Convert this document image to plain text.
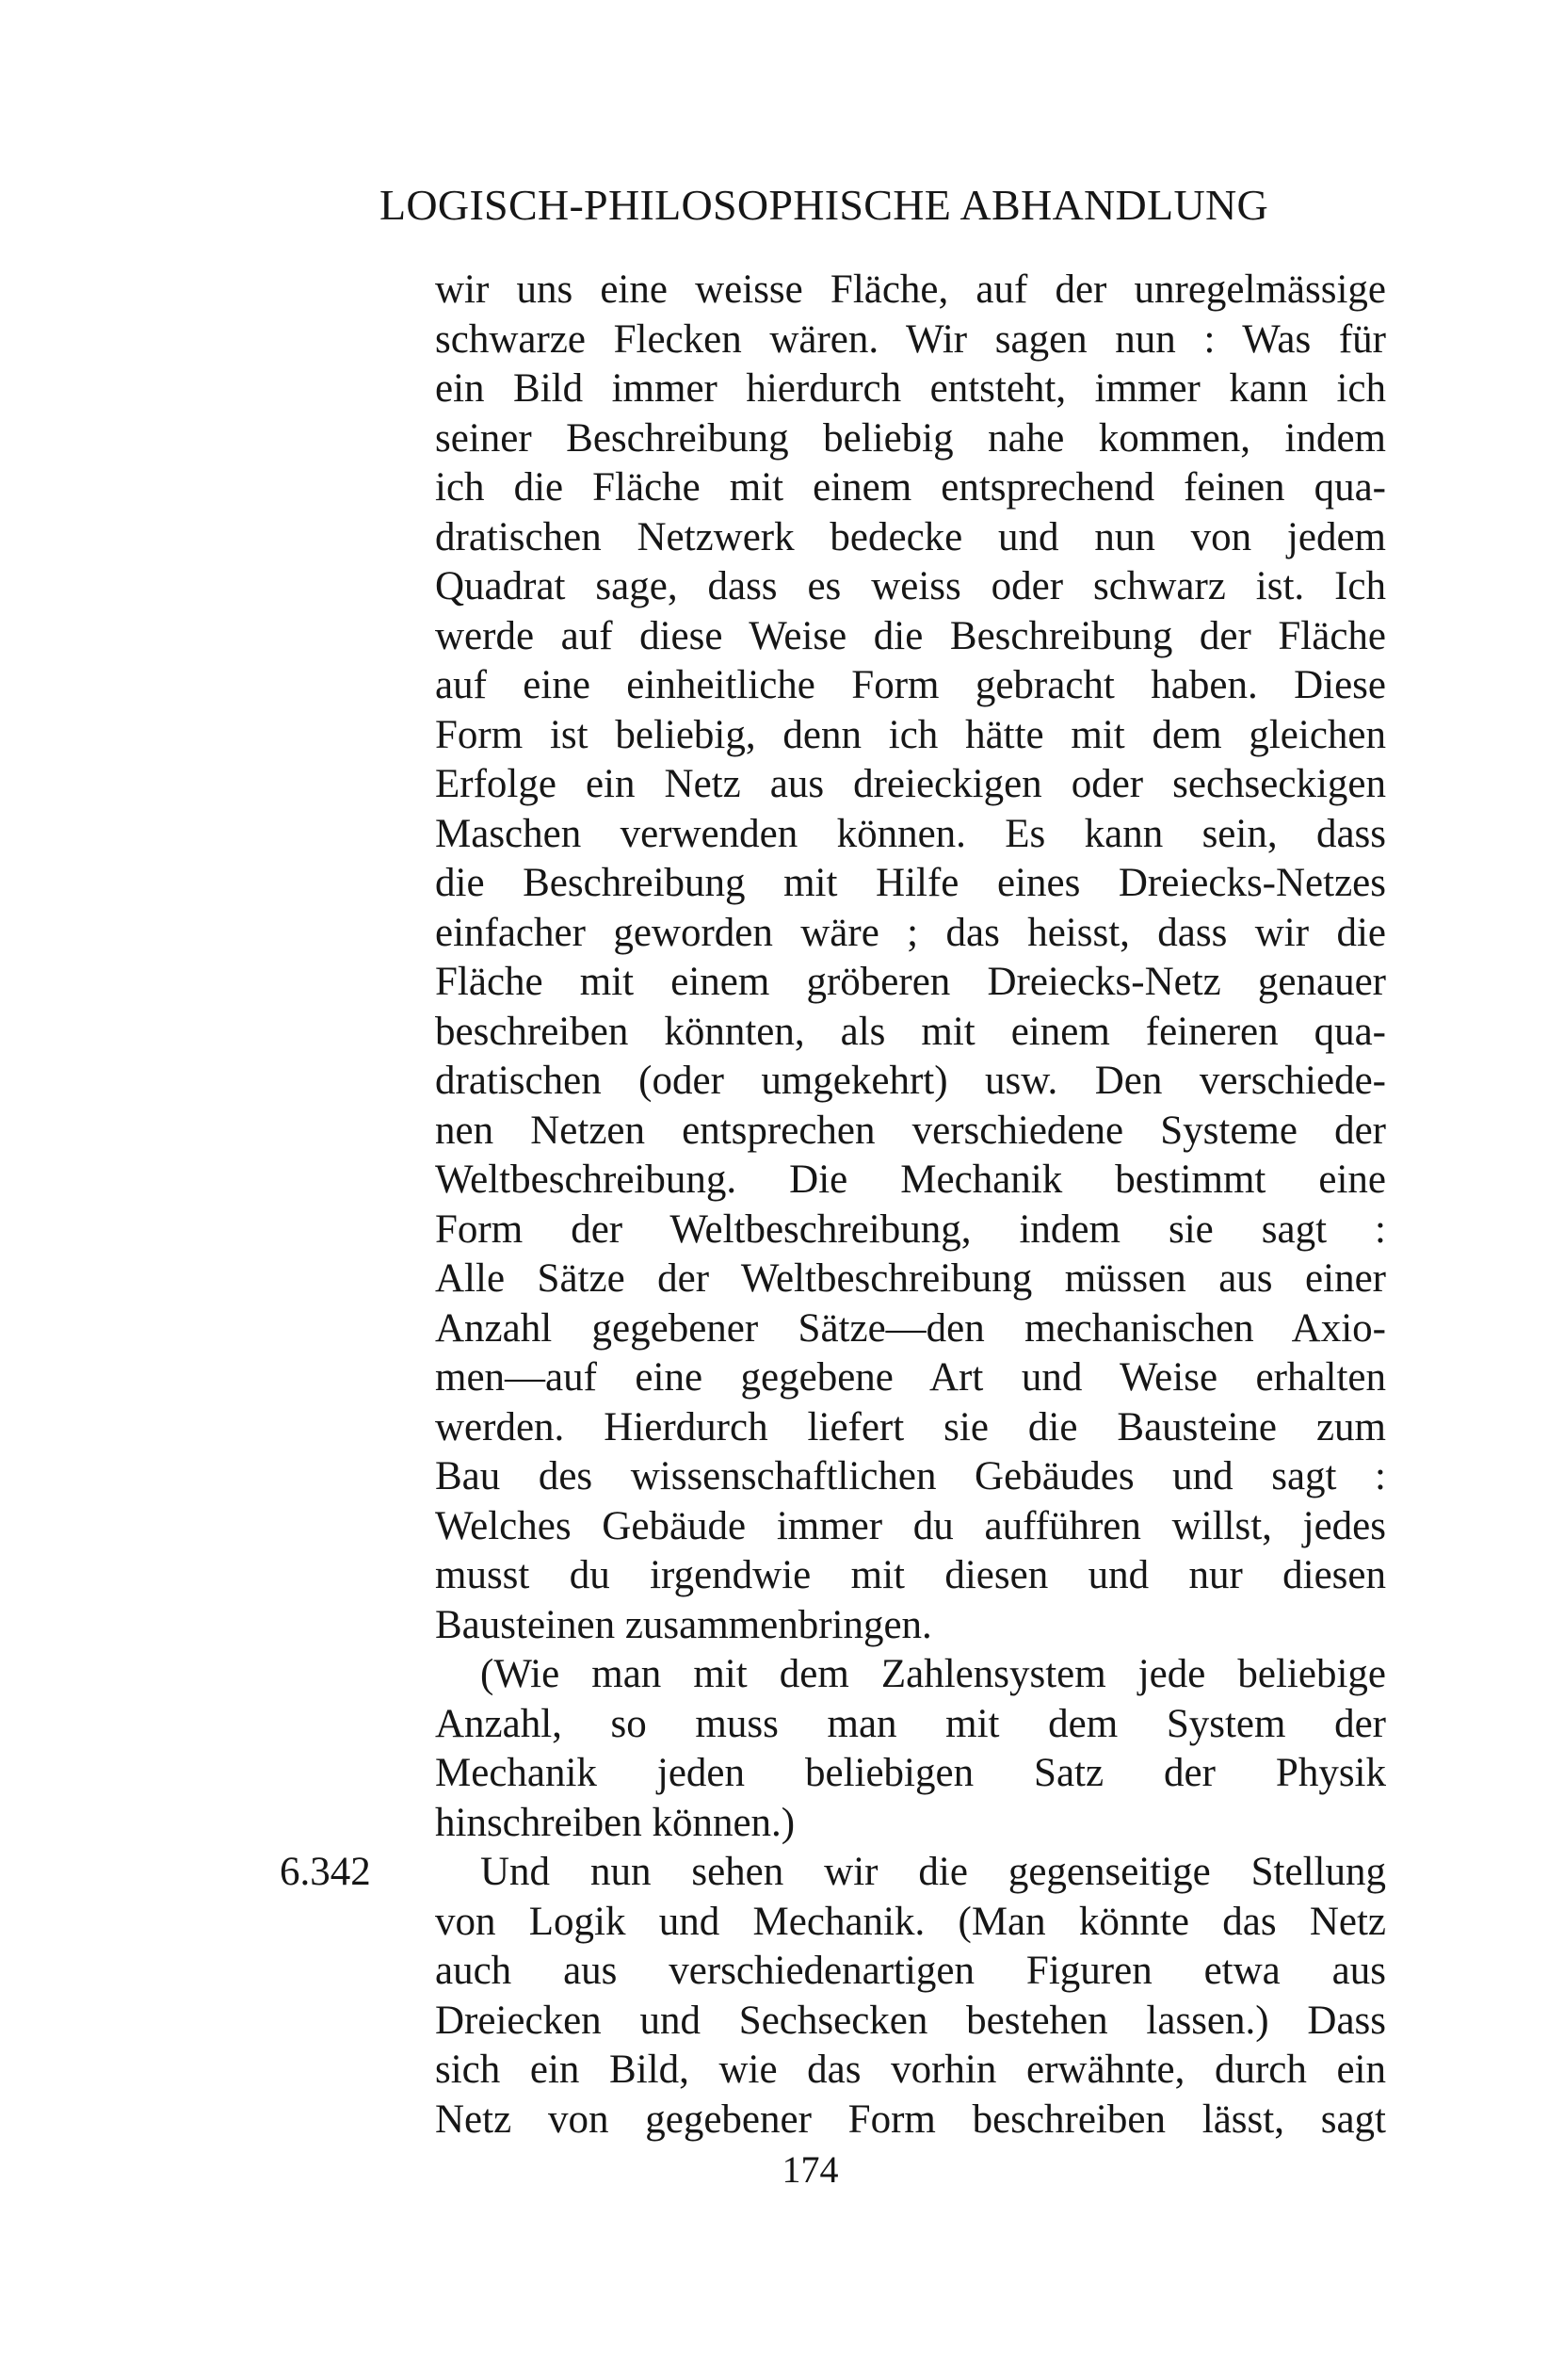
LOGISCH-PHILOSOPHISCHE ABHANDLUNG
wir uns eine weisse Fläche, auf der unregelmässige
schwarze Flecken wären. Wir sagen nun : Was für
ein Bild immer hierdurch entsteht, immer kann ich
seiner Beschreibung beliebig nahe kommen, indem
ich die Fläche mit einem entsprechend feinen qua-
dratischen Netzwerk bedecke und nun von jedem
Quadrat sage, dass es weiss oder schwarz ist. Ich
werde auf diese Weise die Beschreibung der Fläche
auf eine einheitliche Form gebracht haben. Diese
Form ist beliebig, denn ich hätte mit dem gleichen
Erfolge ein Netz aus dreieckigen oder sechseckigen
Maschen verwenden können. Es kann sein, dass
die Beschreibung mit Hilfe eines Dreiecks-Netzes
einfacher geworden wäre ; das heisst, dass wir die
Fläche mit einem gröberen Dreiecks-Netz genauer
beschreiben könnten, als mit einem feineren qua-
dratischen (oder umgekehrt) usw. Den verschiede-
nen Netzen entsprechen verschiedene Systeme der
Weltbeschreibung. Die Mechanik bestimmt eine
Form der Weltbeschreibung, indem sie sagt :
Alle Sätze der Weltbeschreibung müssen aus einer
Anzahl gegebener Sätze—den mechanischen Axio-
men—auf eine gegebene Art und Weise erhalten
werden. Hierdurch liefert sie die Bausteine zum
Bau des wissenschaftlichen Gebäudes und sagt :
Welches Gebäude immer du aufführen willst, jedes
musst du irgendwie mit diesen und nur diesen
Bausteinen zusammenbringen.
(Wie man mit dem Zahlensystem jede beliebige
Anzahl, so muss man mit dem System der
Mechanik jeden beliebigen Satz der Physik
hinschreiben können.)
6.342	Und nun sehen wir die gegenseitige Stellung
von Logik und Mechanik. (Man könnte das Netz
auch aus verschiedenartigen Figuren etwa aus
Dreiecken und Sechsecken bestehen lassen.) Dass
sich ein Bild, wie das vorhin erwähnte, durch ein
Netz von gegebener Form beschreiben lässt, sagt
174
